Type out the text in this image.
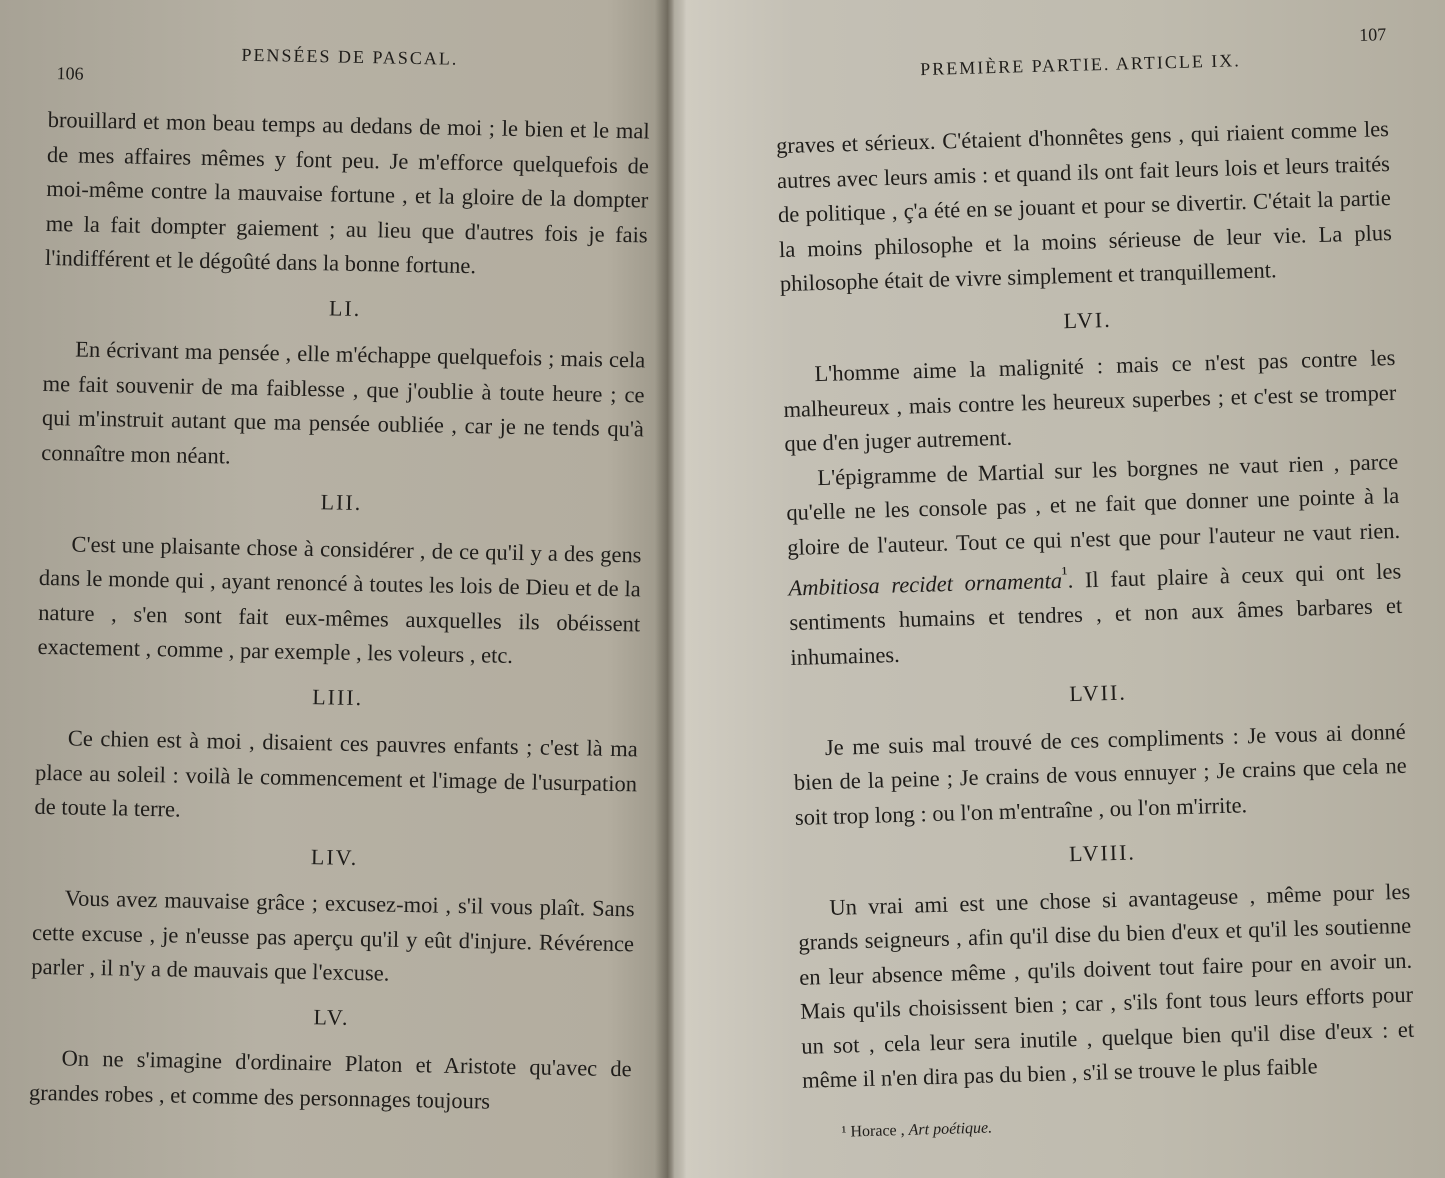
106
PENSÉES DE PASCAL.

brouillard et mon beau temps au dedans de moi ; le bien et le mal de mes affaires mêmes y font peu. Je m'efforce quelquefois de moi-même contre la mauvaise fortune , et la gloire de la dompter me la fait dompter gaiement ; au lieu que d'autres fois je fais l'indifférent et le dégoûté dans la bonne fortune.

LI.

En écrivant ma pensée , elle m'échappe quelquefois ; mais cela me fait souvenir de ma faiblesse , que j'oublie à toute heure ; ce qui m'instruit autant que ma pensée oubliée , car je ne tends qu'à connaître mon néant.

LII.

C'est une plaisante chose à considérer , de ce qu'il y a des gens dans le monde qui , ayant renoncé à toutes les lois de Dieu et de la nature , s'en sont fait eux-mêmes auxquelles ils obéissent exactement , comme , par exemple , les voleurs , etc.

LIII.

Ce chien est à moi , disaient ces pauvres enfants ; c'est là ma place au soleil : voilà le commencement et l'image de l'usurpation de toute la terre.

LIV.

Vous avez mauvaise grâce ; excusez-moi , s'il vous plaît. Sans cette excuse , je n'eusse pas aperçu qu'il y eût d'injure. Révérence parler , il n'y a de mauvais que l'excuse.

LV.

On ne s'imagine d'ordinaire Platon et Aristote qu'avec de grandes robes , et comme des personnages toujours

107
PREMIÈRE PARTIE. ARTICLE IX.

graves et sérieux. C'étaient d'honnêtes gens , qui riaient comme les autres avec leurs amis : et quand ils ont fait leurs lois et leurs traités de politique , ç'a été en se jouant et pour se divertir. C'était la partie la moins philosophe et la moins sérieuse de leur vie. La plus philosophe était de vivre simplement et tranquillement.

LVI.

L'homme aime la malignité : mais ce n'est pas contre les malheureux , mais contre les heureux superbes ; et c'est se tromper que d'en juger autrement.

L'épigramme de Martial sur les borgnes ne vaut rien , parce qu'elle ne les console pas , et ne fait que donner une pointe à la gloire de l'auteur. Tout ce qui n'est que pour l'auteur ne vaut rien. Ambitiosa recidet ornamenta$^{^1}$. Il faut plaire à ceux qui ont les sentiments humains et tendres , et non aux âmes barbares et inhumaines.

LVII.

Je me suis mal trouvé de ces compliments : Je vous ai donné bien de la peine ; Je crains de vous ennuyer ; Je crains que cela ne soit trop long : ou l'on m'entraîne , ou l'on m'irrite.

LVIII.

Un vrai ami est une chose si avantageuse , même pour les grands seigneurs , afin qu'il dise du bien d'eux et qu'il les soutienne en leur absence même , qu'ils doivent tout faire pour en avoir un. Mais qu'ils choisissent bien ; car , s'ils font tous leurs efforts pour un sot , cela leur sera inutile , quelque bien qu'il dise d'eux : et même il n'en dira pas du bien , s'il se trouve le plus faible

¹ Horace , Art poétique.
